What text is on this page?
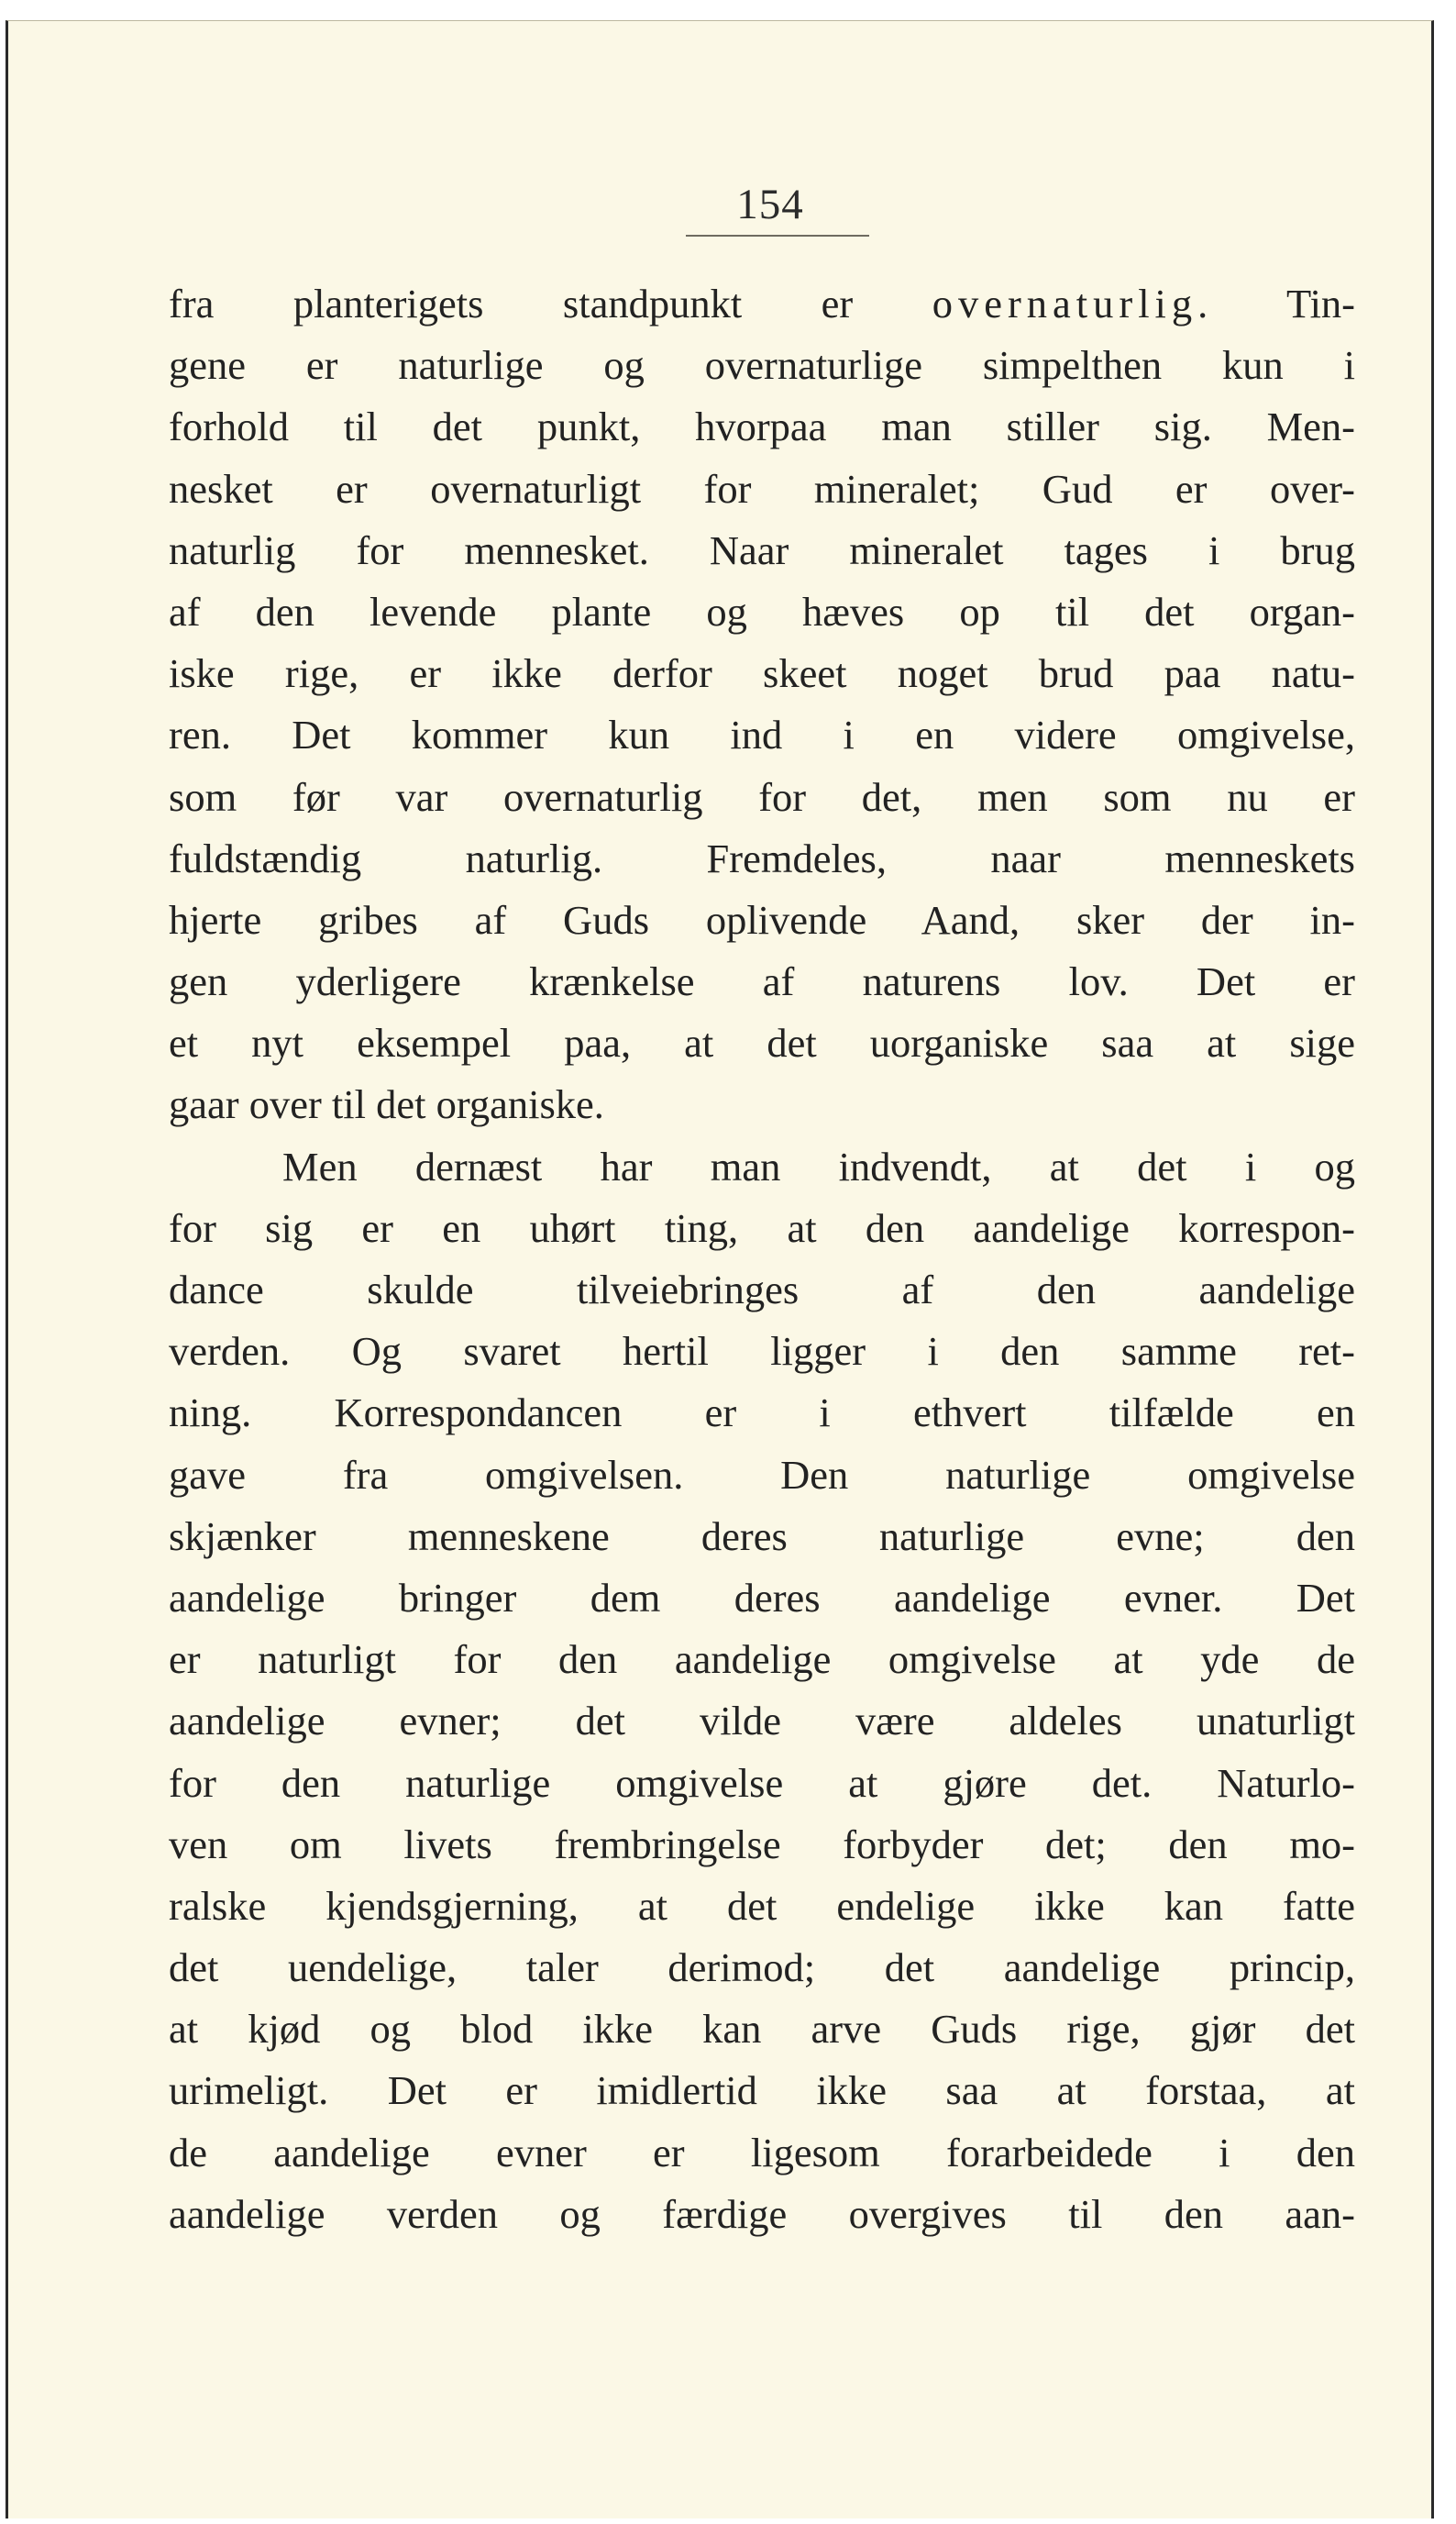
154
fra planterigets standpunkt er overnaturlig. Tin-
gene er naturlige og overnaturlige simpelthen kun i
forhold til det punkt, hvorpaa man stiller sig. Men-
nesket er overnaturligt for mineralet; Gud er over-
naturlig for mennesket. Naar mineralet tages i brug
af den levende plante og hæves op til det organ-
iske rige, er ikke derfor skeet noget brud paa natu-
ren. Det kommer kun ind i en videre omgivelse,
som før var overnaturlig for det, men som nu er
fuldstændig naturlig. Fremdeles, naar menneskets
hjerte gribes af Guds oplivende Aand, sker der in-
gen yderligere krænkelse af naturens lov. Det er
et nyt eksempel paa, at det uorganiske saa at sige
gaar over til det organiske.
Men dernæst har man indvendt, at det i og
for sig er en uhørt ting, at den aandelige korrespon-
dance skulde tilveiebringes af den aandelige
verden. Og svaret hertil ligger i den samme ret-
ning. Korrespondancen er i ethvert tilfælde en
gave fra omgivelsen. Den naturlige omgivelse
skjænker menneskene deres naturlige evne; den
aandelige bringer dem deres aandelige evner. Det
er naturligt for den aandelige omgivelse at yde de
aandelige evner; det vilde være aldeles unaturligt
for den naturlige omgivelse at gjøre det. Naturlo-
ven om livets frembringelse forbyder det; den mo-
ralske kjendsgjerning, at det endelige ikke kan fatte
det uendelige, taler derimod; det aandelige princip,
at kjød og blod ikke kan arve Guds rige, gjør det
urimeligt. Det er imidlertid ikke saa at forstaa, at
de aandelige evner er ligesom forarbeidede i den
aandelige verden og færdige overgives til den aan-
